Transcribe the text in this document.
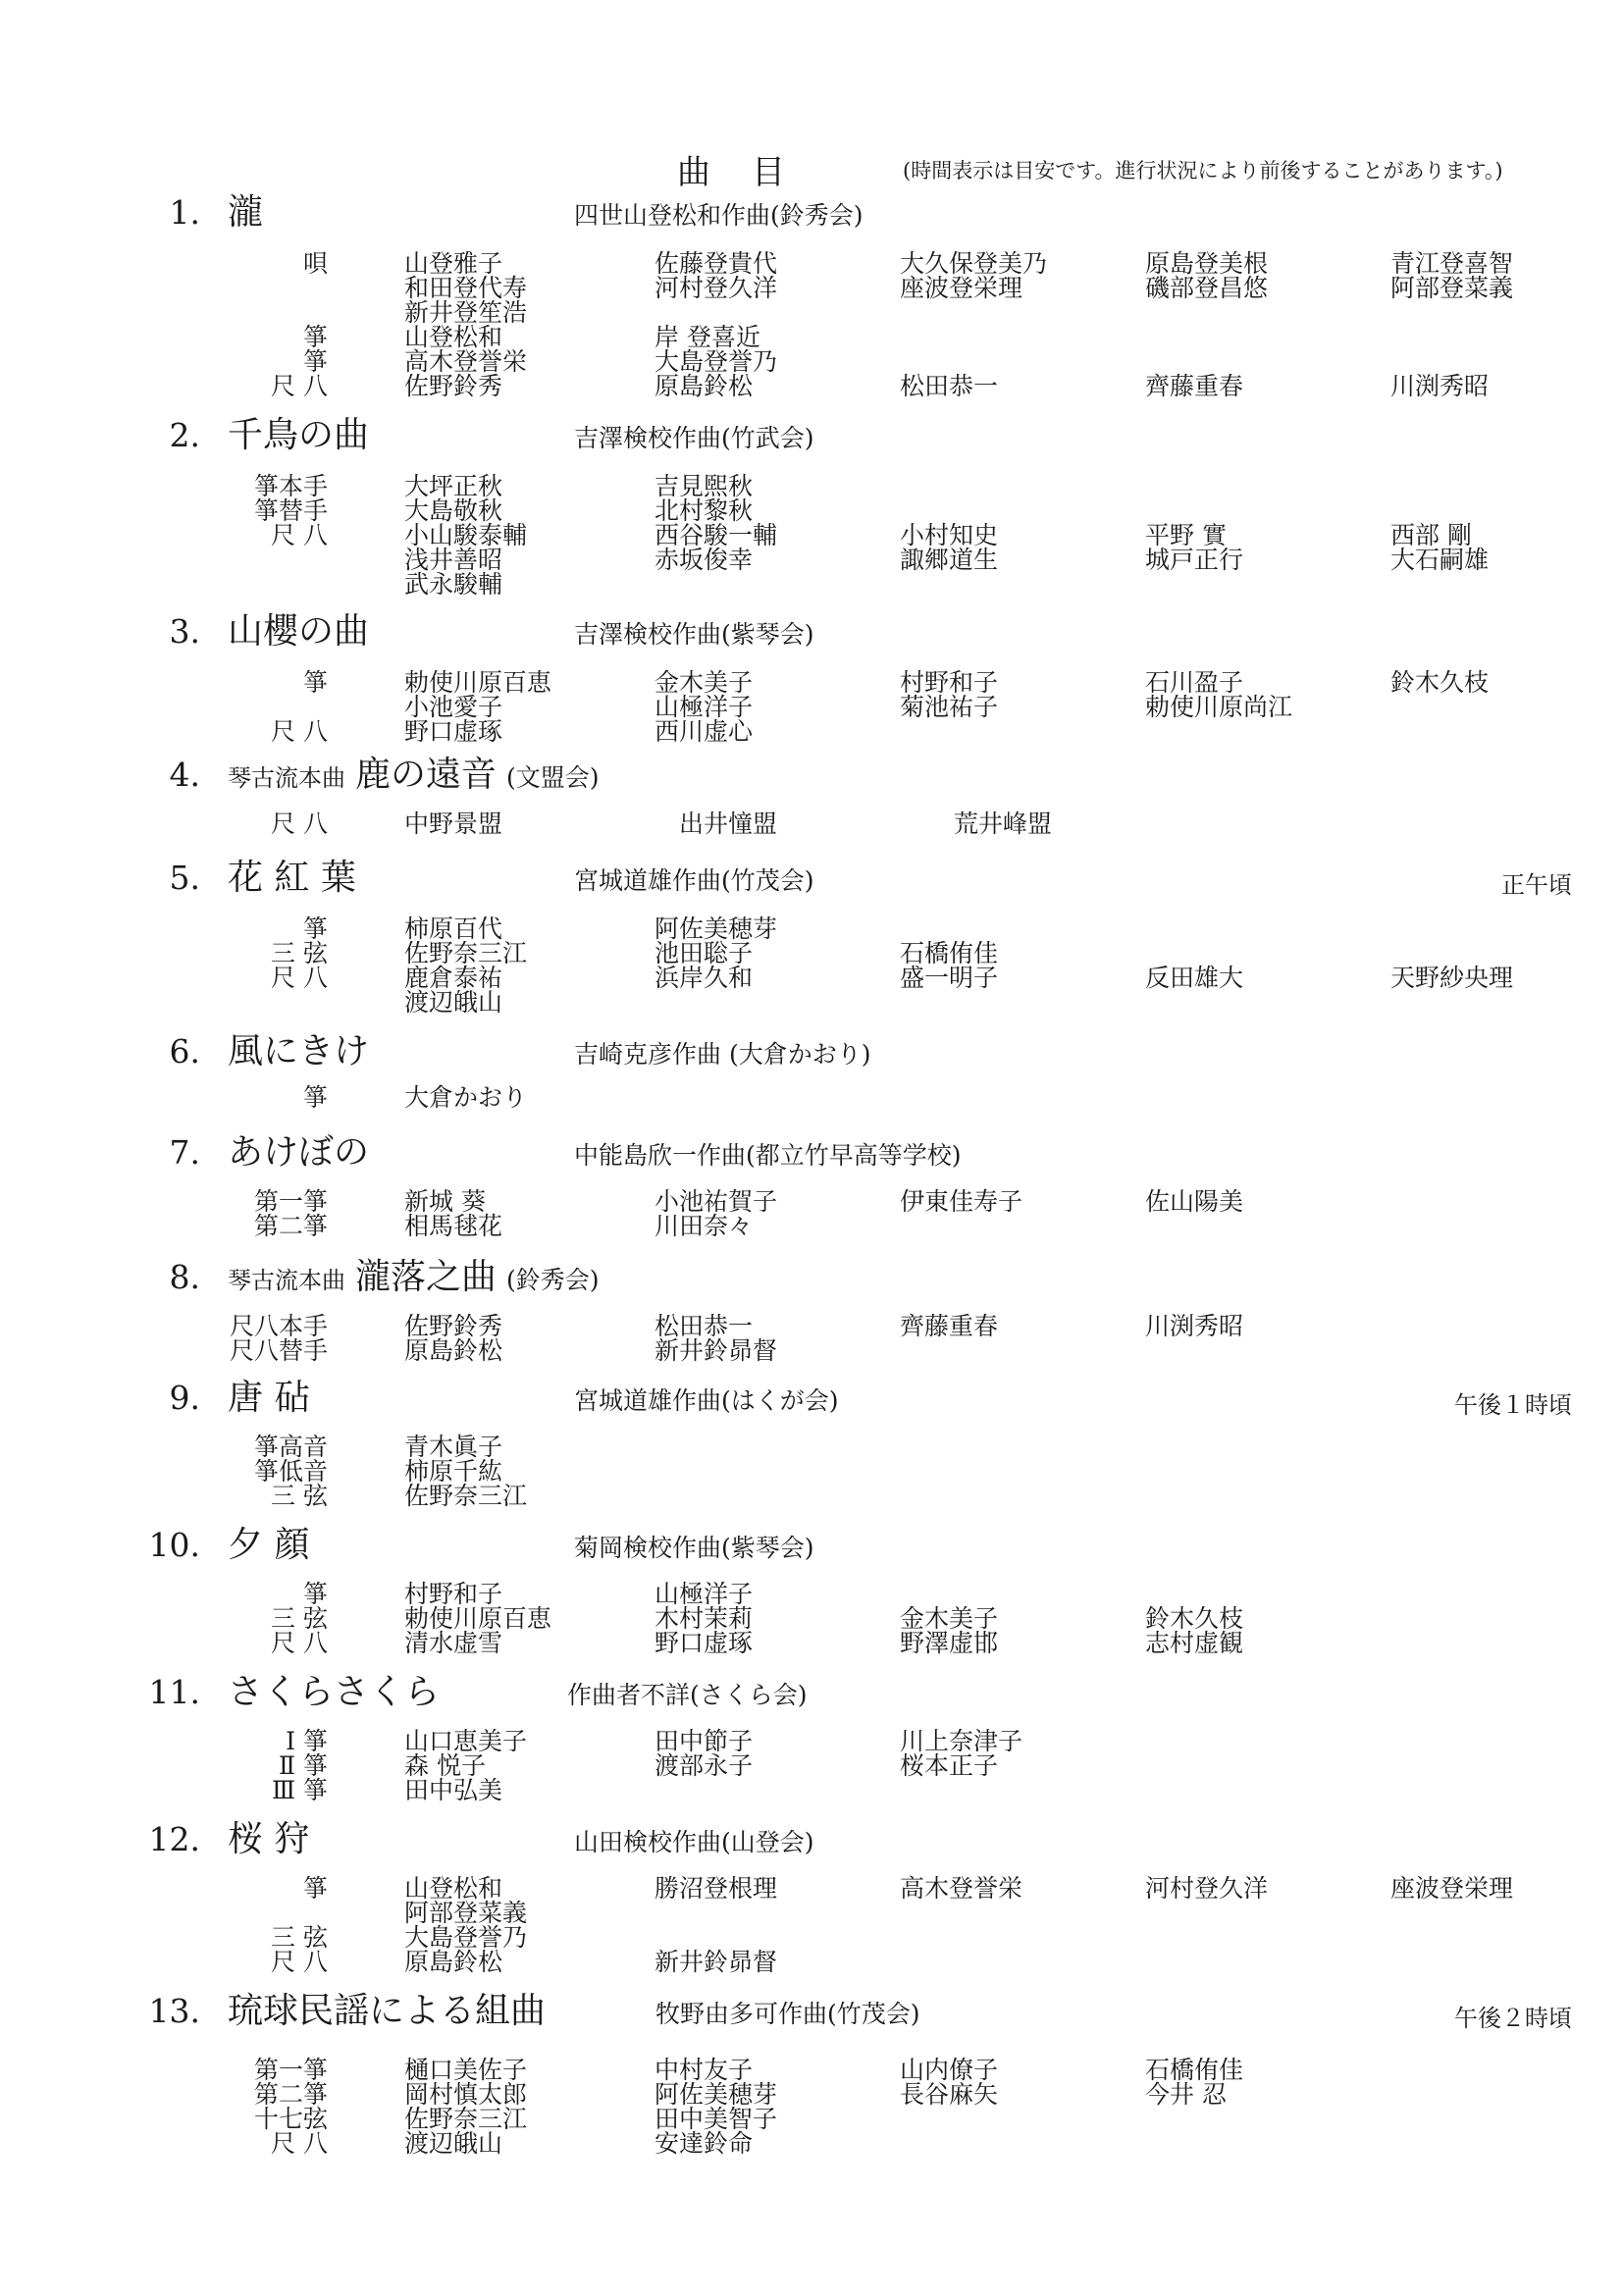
曲目	(時間表示は目安です。進行状況により前後することがあります。)
1. 瀧	四世山登松和作曲(鈴秀会)
唄	山登雅子	佐藤登貴代	大久保登美乃	原島登美根	青江登喜智
和田登代寿	河村登久洋	座波登栄理	磯部登昌悠	阿部登菜義
新井登笙浩
箏	山登松和	岸 登喜近
箏	高木登誉栄	大島登誉乃
尺 八	佐野鈴秀	原島鈴松	松田恭一	齊藤重春	川渕秀昭
2. 千鳥の曲	吉澤検校作曲(竹武会)
箏本手	大坪正秋	吉見煕秋
箏替手	大島敬秋	北村黎秋
尺 八	小山駿泰輔	西谷駿一輔	小村知史	平野 實	西部 剛
浅井善昭	赤坂俊幸	諏郷道生	城戸正行	大石嗣雄
武永駿輔
3. 山櫻の曲	吉澤検校作曲(紫琴会)
箏	勅使川原百恵	金木美子	村野和子	石川盈子	鈴木久枝
小池愛子	山極洋子	菊池祐子	勅使川原尚江
尺 八	野口虚琢	西川虚心
4. 琴古流本曲 鹿の遠音 (文盟会)
尺 八	中野景盟	出井憧盟	荒井峰盟
5. 花 紅 葉	宮城道雄作曲(竹茂会)	正午頃
箏	柿原百代	阿佐美穂芽
三 弦	佐野奈三江	池田聡子	石橋侑佳
尺 八	鹿倉泰祐	浜岸久和	盛一明子	反田雄大	天野紗央理
渡辺皒山
6. 風にきけ	吉崎克彦作曲 (大倉かおり)
箏	大倉かおり
7. あけぼの	中能島欣一作曲(都立竹早高等学校)
第一箏	新城 葵	小池祐賀子	伊東佳寿子	佐山陽美
第二箏	相馬毬花	川田奈々
8. 琴古流本曲 瀧落之曲 (鈴秀会)
尺八本手	佐野鈴秀	松田恭一	齊藤重春	川渕秀昭
尺八替手	原島鈴松	新井鈴昴督
9. 唐 砧	宮城道雄作曲(はくが会)	午後１時頃
箏高音	青木眞子
箏低音	柿原千紘
三 弦	佐野奈三江
10. 夕 顔	菊岡検校作曲(紫琴会)
箏	村野和子	山極洋子
三 弦	勅使川原百恵	木村茉莉	金木美子	鈴木久枝
尺 八	清水虚雪	野口虚琢	野澤虚邯	志村虚観
11. さくらさくら	作曲者不詳(さくら会)
Ⅰ 箏	山口恵美子	田中節子	川上奈津子
Ⅱ 箏	森 悦子	渡部永子	桜本正子
Ⅲ 箏	田中弘美
12. 桜 狩	山田検校作曲(山登会)
箏	山登松和	勝沼登根理	高木登誉栄	河村登久洋	座波登栄理
阿部登菜義
三 弦	大島登誉乃
尺 八	原島鈴松	新井鈴昴督
13. 琉球民謡による組曲	牧野由多可作曲(竹茂会)	午後２時頃
第一箏	樋口美佐子	中村友子	山内僚子	石橋侑佳
第二箏	岡村慎太郎	阿佐美穂芽	長谷麻矢	今井 忍
十七弦	佐野奈三江	田中美智子
尺 八	渡辺皒山	安達鈴命
